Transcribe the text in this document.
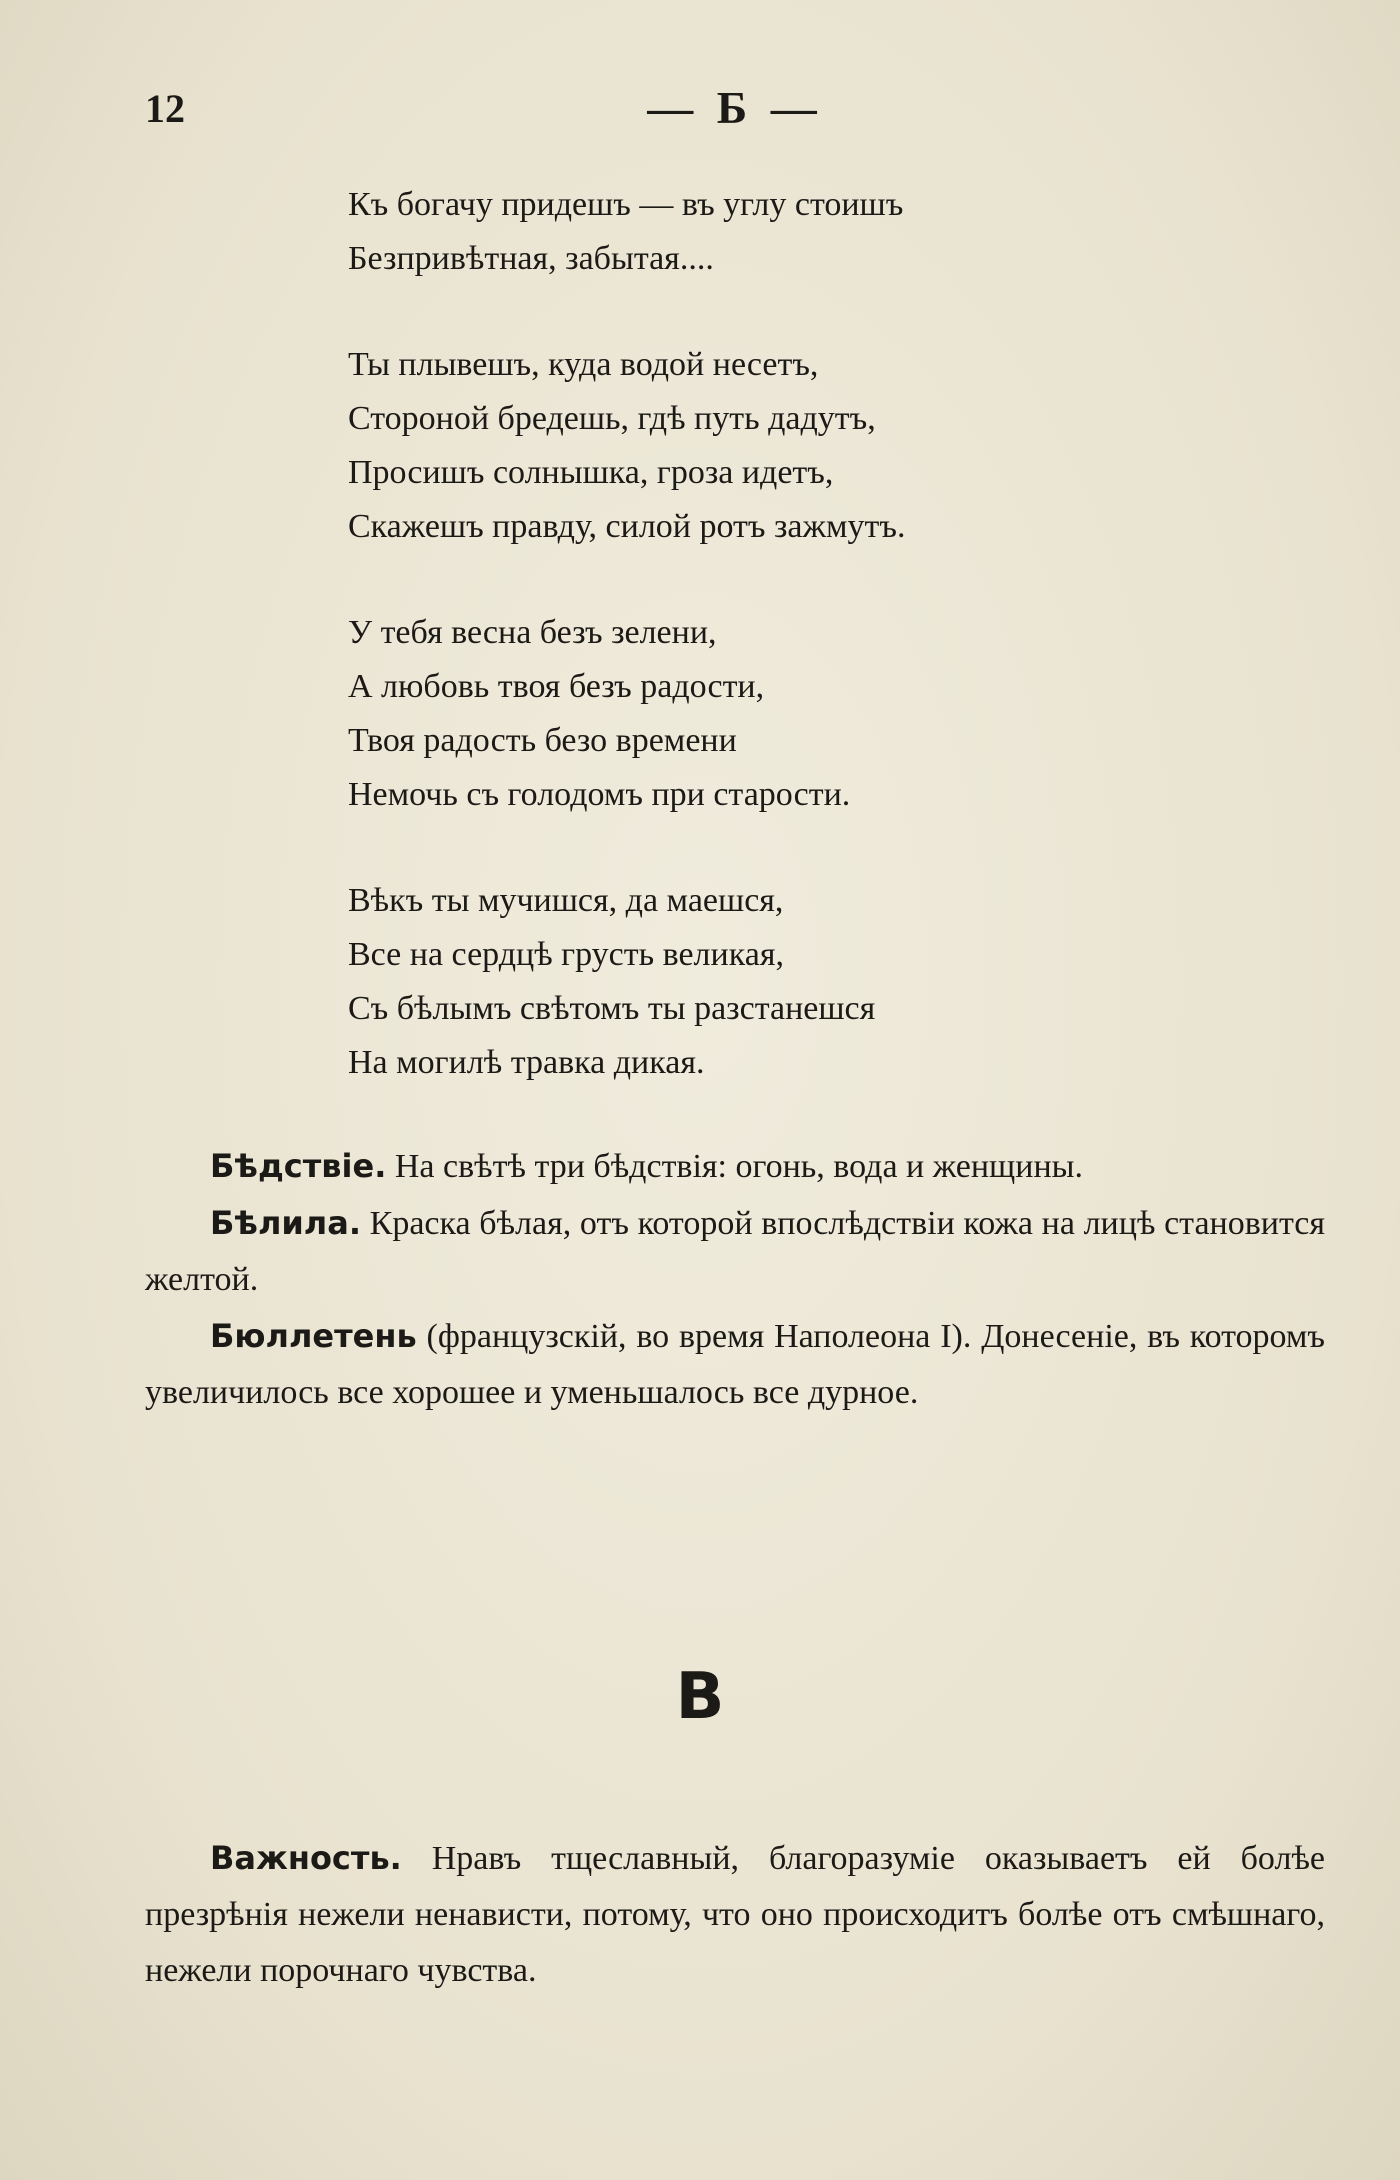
12	— Б —
Къ богачу придешъ — въ углу стоишъ
Безпривѣтная, забытая....
Ты плывешъ, куда водой несетъ,
Стороной бредешь, гдѣ путь дадутъ,
Просишъ солнышка, гроза идетъ,
Скажешъ правду, силой ротъ зажмутъ.
У тебя весна безъ зелени,
А любовь твоя безъ радости,
Твоя радость безо времени
Немочь съ голодомъ при старости.
Вѣкъ ты мучишся, да маешся,
Все на сердцѣ грусть великая,
Съ бѣлымъ свѣтомъ ты разстанешся
На могилѣ травка дикая.

Бѣдствіе. На свѣтѣ три бѣдствія: огонь, вода и женщины.

Бѣлила. Краска бѣлая, отъ которой впослѣдствіи кожа на лицѣ становится желтой.

Бюллетень (французскій, во время Наполеона I). Донесеніе, въ которомъ увеличилось все хорошее и уменьшалось все дурное.

В

Важность. Нравъ тщеславный, благоразуміе оказываетъ ей болѣе презрѣнія нежели ненависти, потому, что оно происходитъ болѣе отъ смѣшнаго, нежели порочнаго чувства.
